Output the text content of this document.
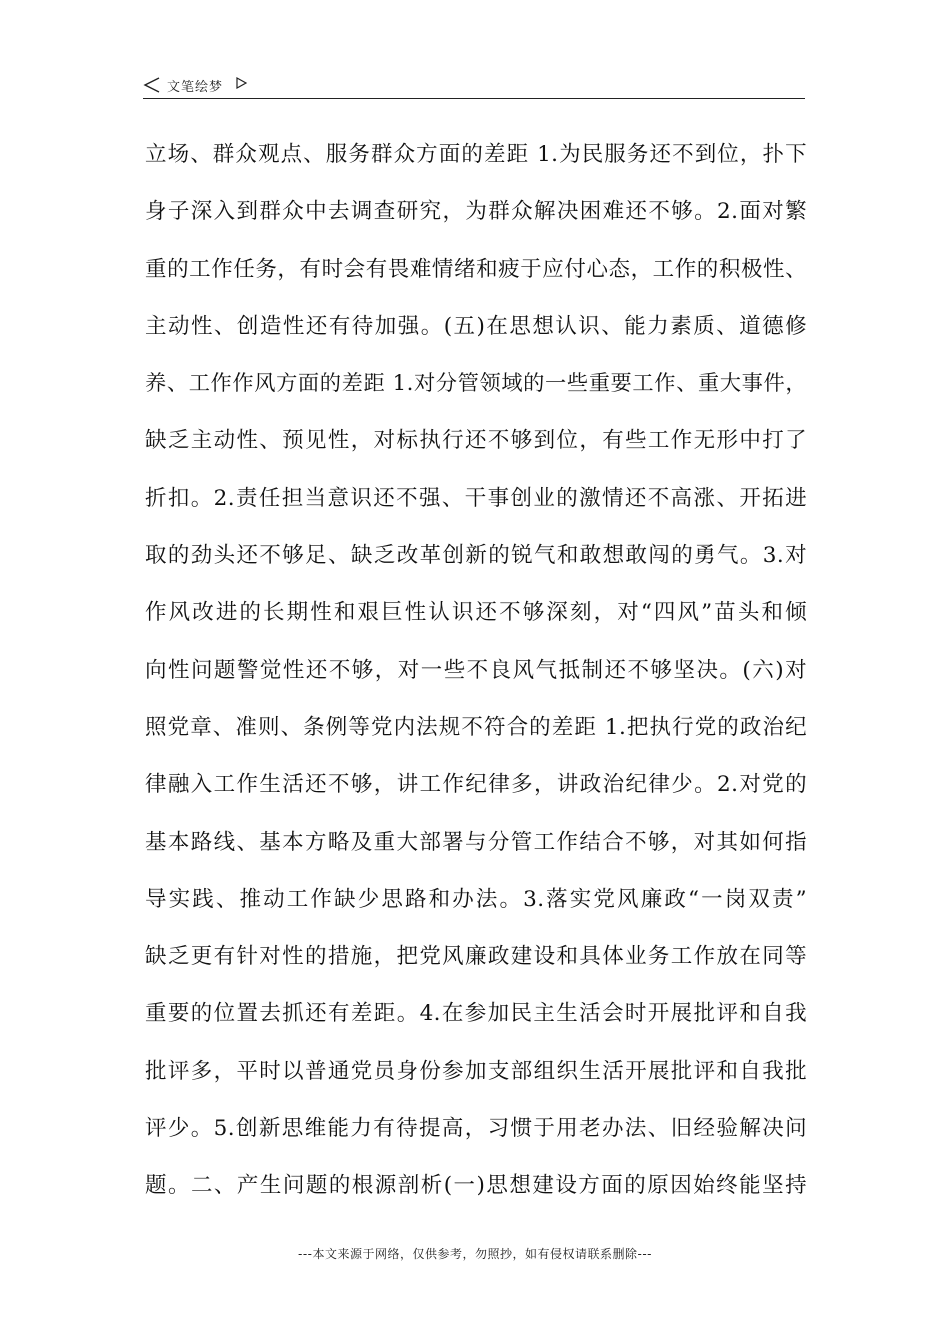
文笔绘梦
立场、群众观点、服务群众方面的差距 1.为民服务还不到位，扑下
身子深入到群众中去调查研究，为群众解决困难还不够。2.面对繁
重的工作任务，有时会有畏难情绪和疲于应付心态，工作的积极性、
主动性、创造性还有待加强。(五)在思想认识、能力素质、道德修
养、工作作风方面的差距 1.对分管领域的一些重要工作、重大事件，
缺乏主动性、预见性，对标执行还不够到位，有些工作无形中打了
折扣。2.责任担当意识还不强、干事创业的激情还不高涨、开拓进
取的劲头还不够足、缺乏改革创新的锐气和敢想敢闯的勇气。3.对
作风改进的长期性和艰巨性认识还不够深刻，对“四风”苗头和倾
向性问题警觉性还不够，对一些不良风气抵制还不够坚决。(六)对
照党章、准则、条例等党内法规不符合的差距 1.把执行党的政治纪
律融入工作生活还不够，讲工作纪律多，讲政治纪律少。2.对党的
基本路线、基本方略及重大部署与分管工作结合不够，对其如何指
导实践、推动工作缺少思路和办法。3.落实党风廉政“一岗双责”
缺乏更有针对性的措施，把党风廉政建设和具体业务工作放在同等
重要的位置去抓还有差距。4.在参加民主生活会时开展批评和自我
批评多，平时以普通党员身份参加支部组织生活开展批评和自我批
评少。5.创新思维能力有待提高，习惯于用老办法、旧经验解决问
题。二、产生问题的根源剖析(一)思想建设方面的原因始终能坚持
---本文来源于网络，仅供参考，勿照抄，如有侵权请联系删除---
